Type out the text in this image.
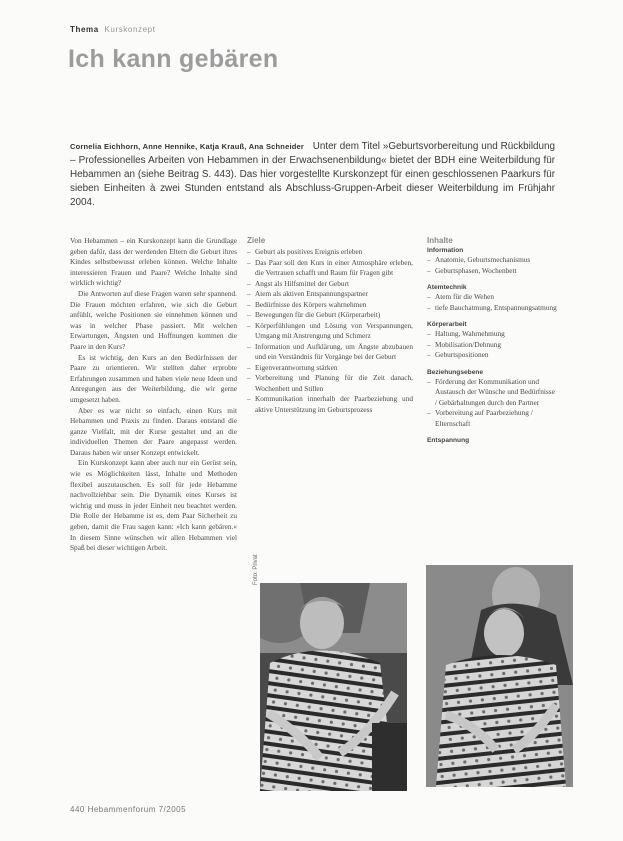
Thema Kurskonzept
Ich kann gebären
Cornelia Eichhorn, Anne Hennike, Katja Krauß, Ana Schneider Unter dem Titel »Geburtsvorbereitung und Rückbildung – Professionelles Arbeiten von Hebammen in der Erwachsenenbildung« bietet der BDH eine Weiterbildung für Hebammen an (siehe Beitrag S. 443). Das hier vorgestellte Kurskonzept für einen geschlossenen Paarkurs für sieben Einheiten à zwei Stunden entstand als Abschluss-Gruppen-Arbeit dieser Weiterbildung im Frühjahr 2004.

Von Hebammen – ein Kurskonzept kann die Grundlage geben dafür, dass der werdenden Eltern die Geburt ihres Kindes selbstbewusst erleben können. Welche Inhalte interessieren Frauen und Paare? Welche Inhalte sind wirklich wichtig?

Die Antworten auf diese Fragen waren sehr spannend. Die Frauen möchten erfahren, wie sich die Geburt anfühlt, welche Positionen sie einnehmen können und was in welcher Phase passiert. Mit welchen Erwartungen, Ängsten und Hoffnungen kommen die Paare in den Kurs?

Es ist wichtig, den Kurs an den Bedürfnissen der Paare zu orientieren. Wir stellten daher erprobte Erfahrungen zusammen und haben viele neue Ideen und Anregungen aus der Weiterbildung, die wir gerne umgesetzt haben.

Aber es war nicht so einfach, einen Kurs mit Hebammen und Praxis zu finden. Daraus entstand die ganze Vielfalt, mit der Kurse gestaltet und an die individuellen Themen der Paare angepasst werden. Daraus haben wir unser Konzept entwickelt.

Ein Kurskonzept kann aber auch nur ein Gerüst sein, wie es Möglichkeiten lässt, Inhalte und Methoden flexibel auszutauschen. Es soll für jede Hebamme nachvollziehbar sein. Die Dynamik eines Kurses ist wichtig und muss in jeder Einheit neu beachtet werden. Die Rolle der Hebamme ist es, dem Paar Sicherheit zu geben, damit die Frau sagen kann: »Ich kann gebären.« In diesem Sinne wünschen wir allen Hebammen viel Spaß bei dieser wichtigen Arbeit.

Ziele
– Geburt als positives Ereignis erleben
– Das Paar soll den Kurs in einer Atmosphäre erleben, die Vertrauen schafft und Raum für Fragen gibt
– Angst als Hilfsmittel der Geburt
– Atem als aktiven Entspannungspartner
– Bedürfnisse des Körpers wahrnehmen
– Bewegungen für die Geburt (Körperarbeit)
– Körperfühlungen und Lösung von Verspannungen, Umgang mit Anstrengung und Schmerz
– Information und Aufklärung, um Ängste abzubauen und ein Verständnis für Vorgänge bei der Geburt
– Eigenverantwortung stärken
– Vorbereitung und Planung für die Zeit danach, Wochenbett und Stillen
– Kommunikation innerhalb der Paarbeziehung und aktive Unterstützung im Geburtsprozess
Inhalte
Information
– Anatomie, Geburtsmechanismus
– Geburtsphasen, Wochenbett
Atemtechnik
– Atem für die Wehen
– tiefe Bauchatmung, Entspannungsatmung
Körperarbeit
– Haltung, Wahrnehmung
– Mobilisation/Dehnung
– Geburtspositionen
Beziehungsebene
– Förderung der Kommunikation und Austausch der Wünsche und Bedürfnisse / Gebärhaltungen durch den Partner
– Vorbereitung auf Paarbeziehung / Elternschaft
Entspannung
Foto: Privat
440 Hebammenforum 7/2005
